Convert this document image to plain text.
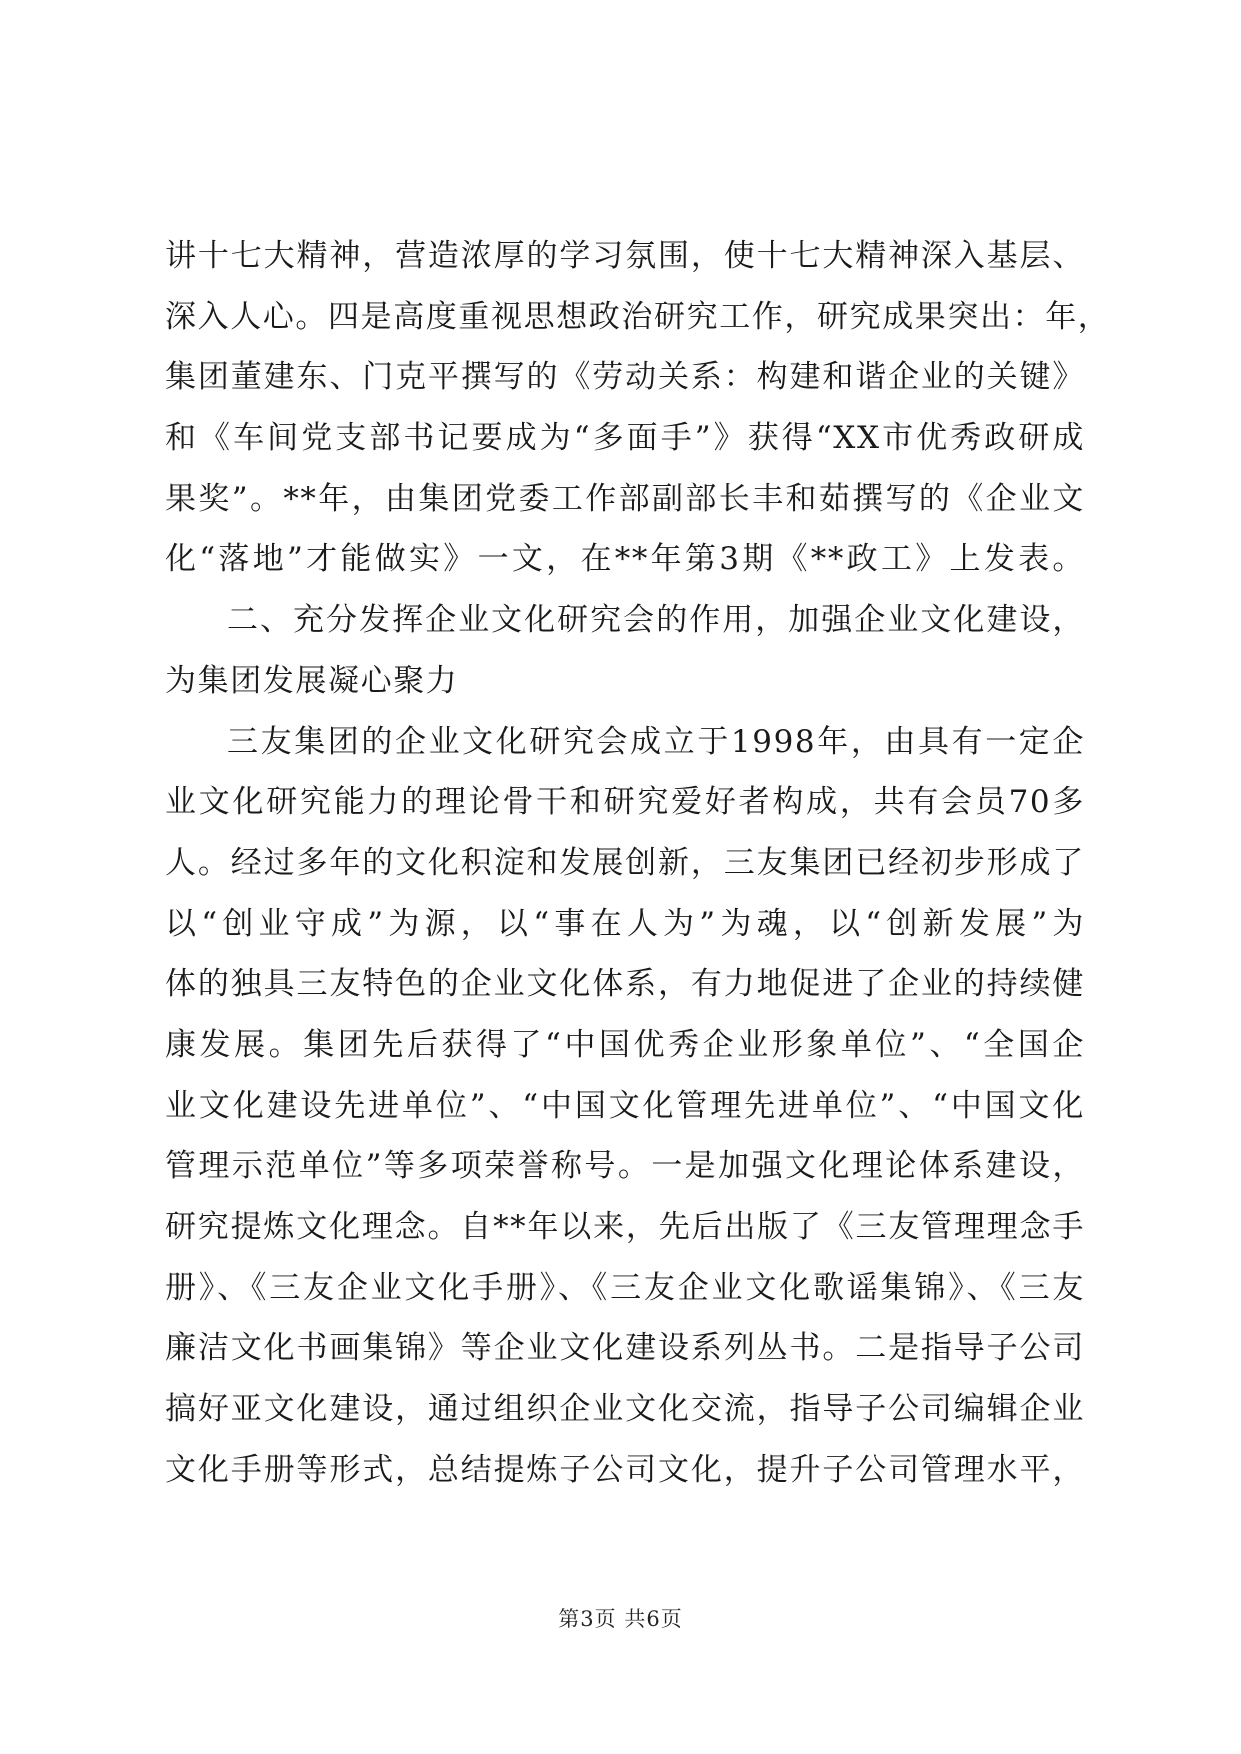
讲十七大精神，营造浓厚的学习氛围，使十七大精神深入基层、
深入人心。四是高度重视思想政治研究工作，研究成果突出：年，
集团董建东、门克平撰写的《劳动关系：构建和谐企业的关键》
和《车间党支部书记要成为“多面手”》获得“XX市优秀政研成
果奖”。**年，由集团党委工作部副部长丰和茹撰写的《企业文
化“落地”才能做实》一文，在**年第3期《**政工》上发表。
二、充分发挥企业文化研究会的作用，加强企业文化建设，
为集团发展凝心聚力
三友集团的企业文化研究会成立于1998年，由具有一定企
业文化研究能力的理论骨干和研究爱好者构成，共有会员70多
人。经过多年的文化积淀和发展创新，三友集团已经初步形成了
以“创业守成”为源，以“事在人为”为魂，以“创新发展”为
体的独具三友特色的企业文化体系，有力地促进了企业的持续健
康发展。集团先后获得了“中国优秀企业形象单位”、“全国企
业文化建设先进单位”、“中国文化管理先进单位”、“中国文化
管理示范单位”等多项荣誉称号。一是加强文化理论体系建设，
研究提炼文化理念。自**年以来，先后出版了《三友管理理念手
册》、《三友企业文化手册》、《三友企业文化歌谣集锦》、《三友
廉洁文化书画集锦》等企业文化建设系列丛书。二是指导子公司
搞好亚文化建设，通过组织企业文化交流，指导子公司编辑企业
文化手册等形式，总结提炼子公司文化，提升子公司管理水平，
第3页 共6页
